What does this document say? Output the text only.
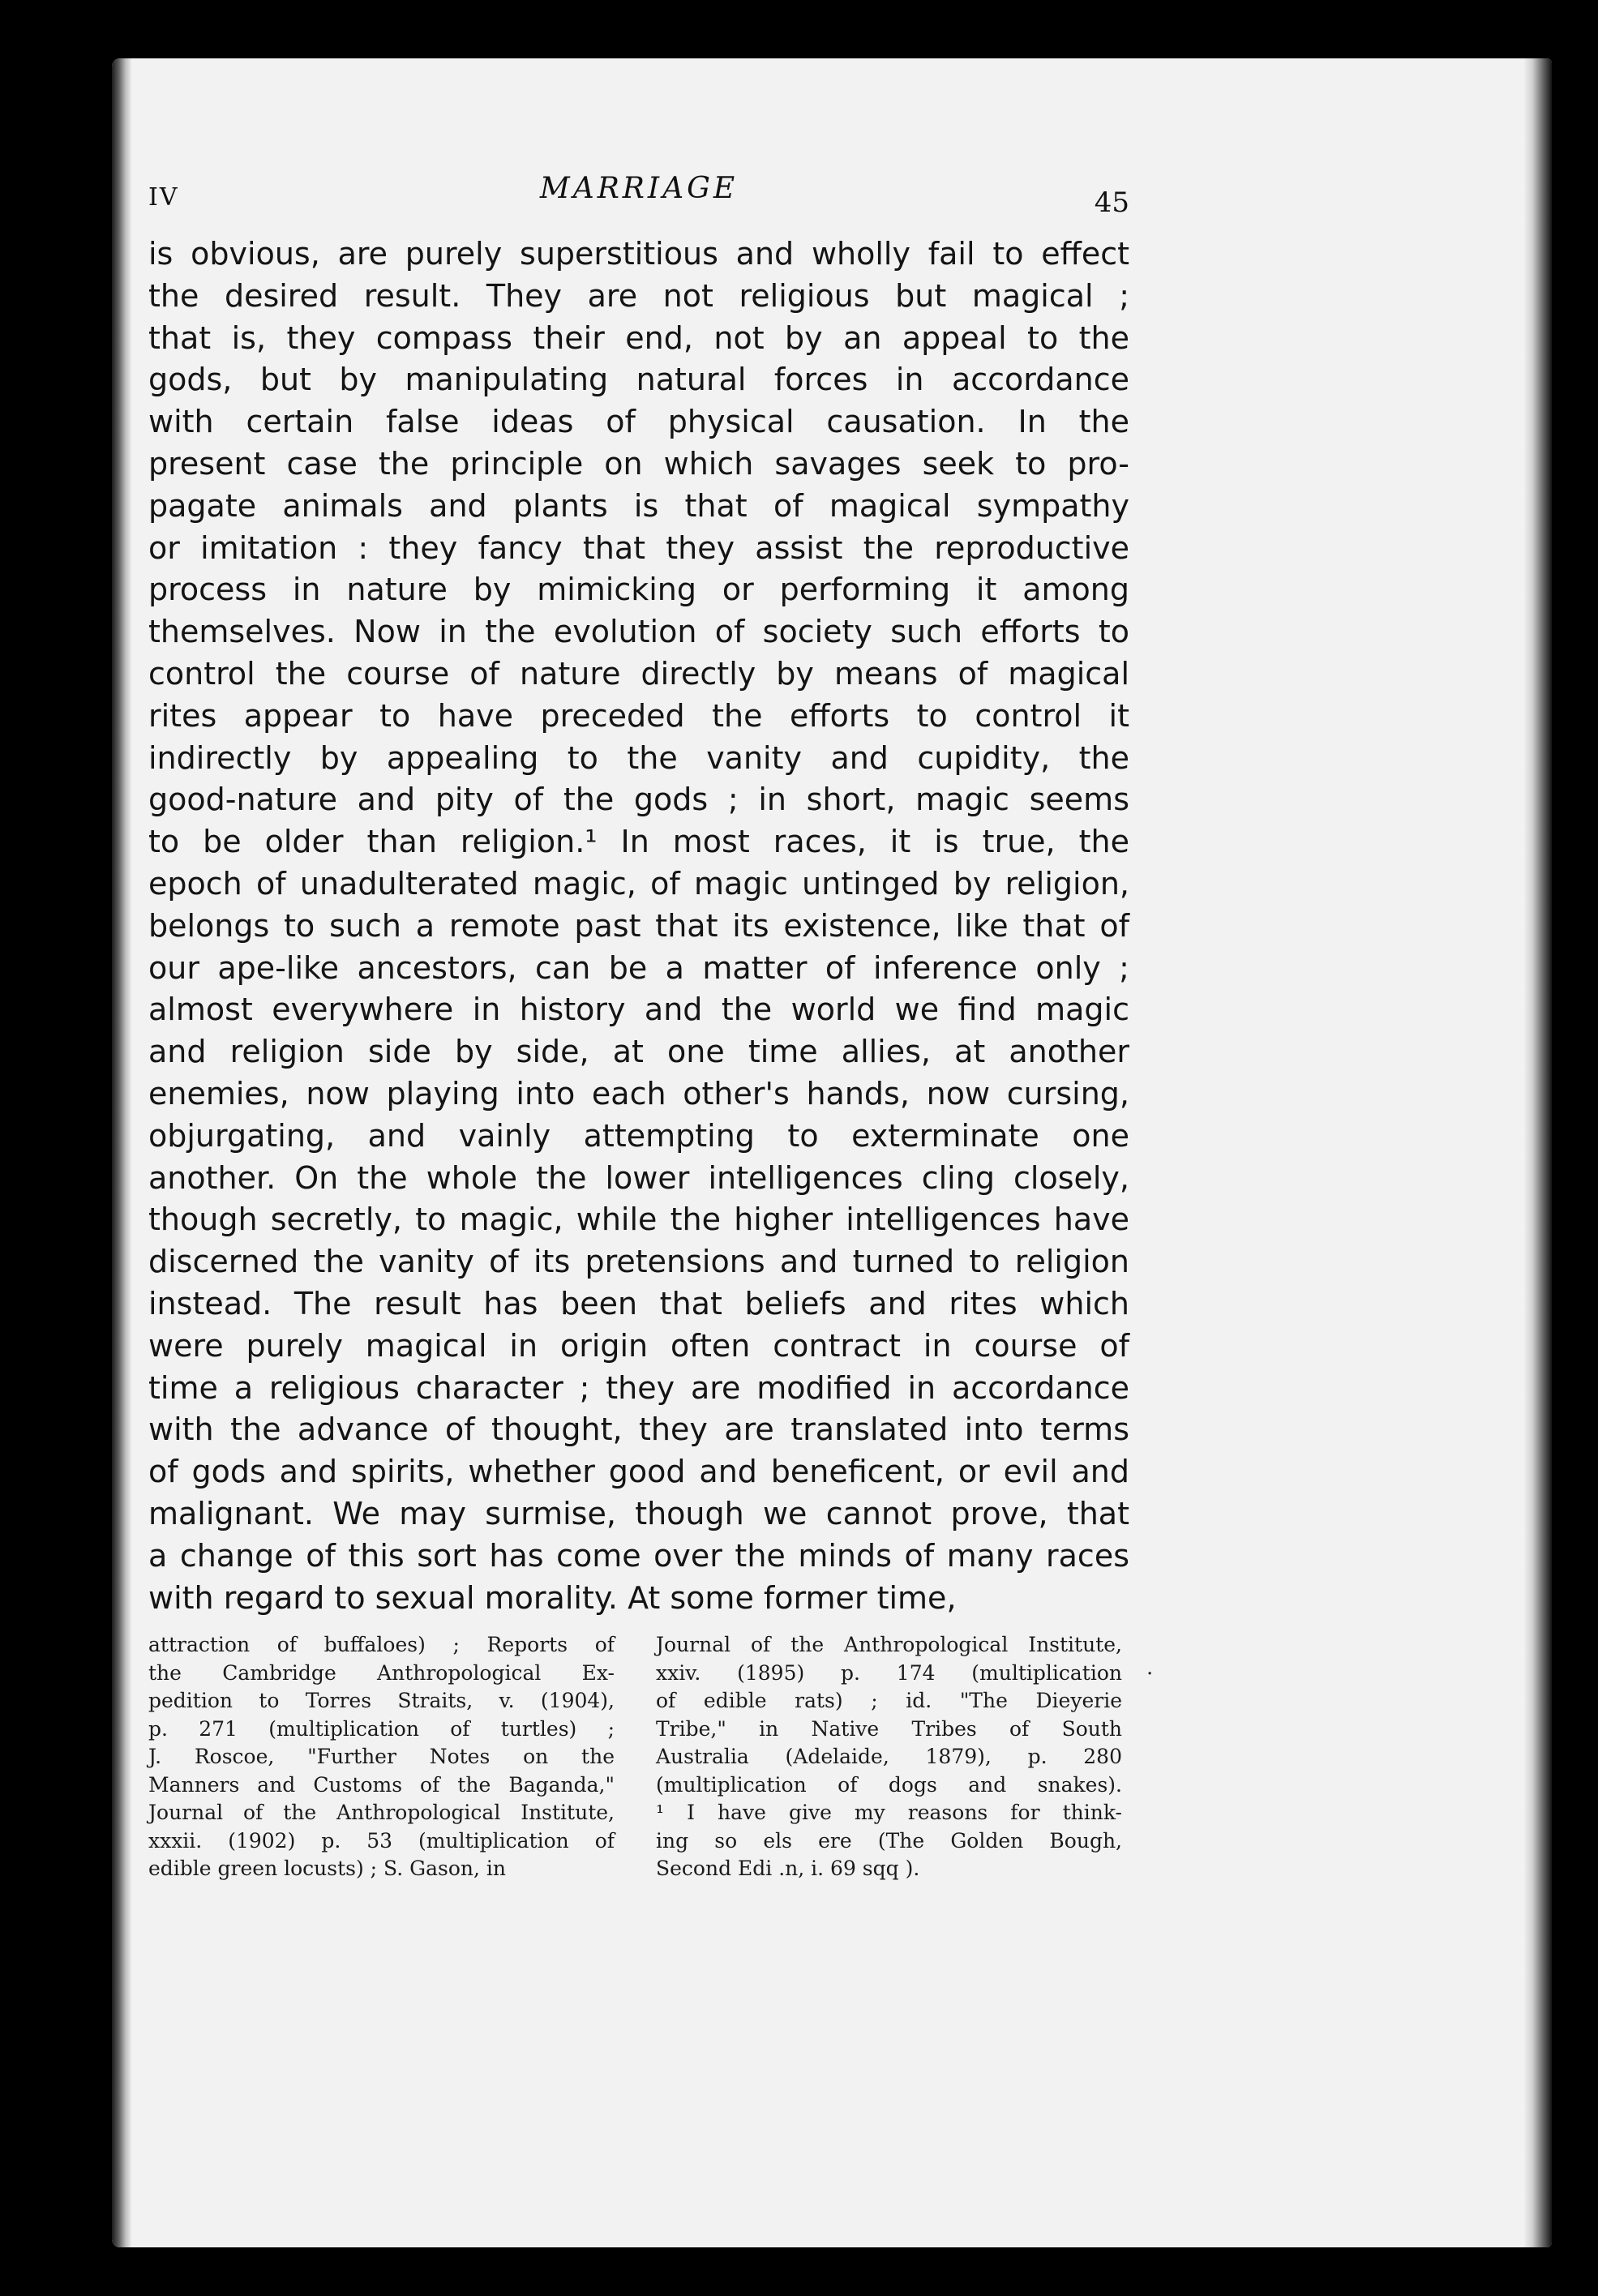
IV	MARRIAGE	45
is obvious, are purely superstitious and wholly fail to effect
the desired result. They are not religious but magical ;
that is, they compass their end, not by an appeal to the
gods, but by manipulating natural forces in accordance
with certain false ideas of physical causation. In the
present case the principle on which savages seek to pro-
pagate animals and plants is that of magical sympathy
or imitation : they fancy that they assist the reproductive
process in nature by mimicking or performing it among
themselves. Now in the evolution of society such efforts to
control the course of nature directly by means of magical
rites appear to have preceded the efforts to control it
indirectly by appealing to the vanity and cupidity, the
good-nature and pity of the gods ; in short, magic seems
to be older than religion.¹ In most races, it is true, the
epoch of unadulterated magic, of magic untinged by religion,
belongs to such a remote past that its existence, like that of
our ape-like ancestors, can be a matter of inference only ;
almost everywhere in history and the world we find magic
and religion side by side, at one time allies, at another
enemies, now playing into each other's hands, now cursing,
objurgating, and vainly attempting to exterminate one
another. On the whole the lower intelligences cling closely,
though secretly, to magic, while the higher intelligences have
discerned the vanity of its pretensions and turned to religion
instead. The result has been that beliefs and rites which
were purely magical in origin often contract in course of
time a religious character ; they are modified in accordance
with the advance of thought, they are translated into terms
of gods and spirits, whether good and beneficent, or evil and
malignant. We may surmise, though we cannot prove, that
a change of this sort has come over the minds of many races
with regard to sexual morality. At some former time,
attraction of buffaloes) ; Reports of
the Cambridge Anthropological Ex-
pedition to Torres Straits, v. (1904),
p. 271 (multiplication of turtles) ;
J. Roscoe, "Further Notes on the
Manners and Customs of the Baganda,"
Journal of the Anthropological Institute,
xxxii. (1902) p. 53 (multiplication of
edible green locusts) ; S. Gason, in
Journal of the Anthropological Institute,
xxiv. (1895) p. 174 (multiplication
of edible rats) ; id. "The Dieyerie
Tribe," in Native Tribes of South
Australia (Adelaide, 1879), p. 280
(multiplication of dogs and snakes).
¹ I have give my reasons for think-
ing so els ere (The Golden Bough,
Second Edi .n, i. 69 sqq ).
.
